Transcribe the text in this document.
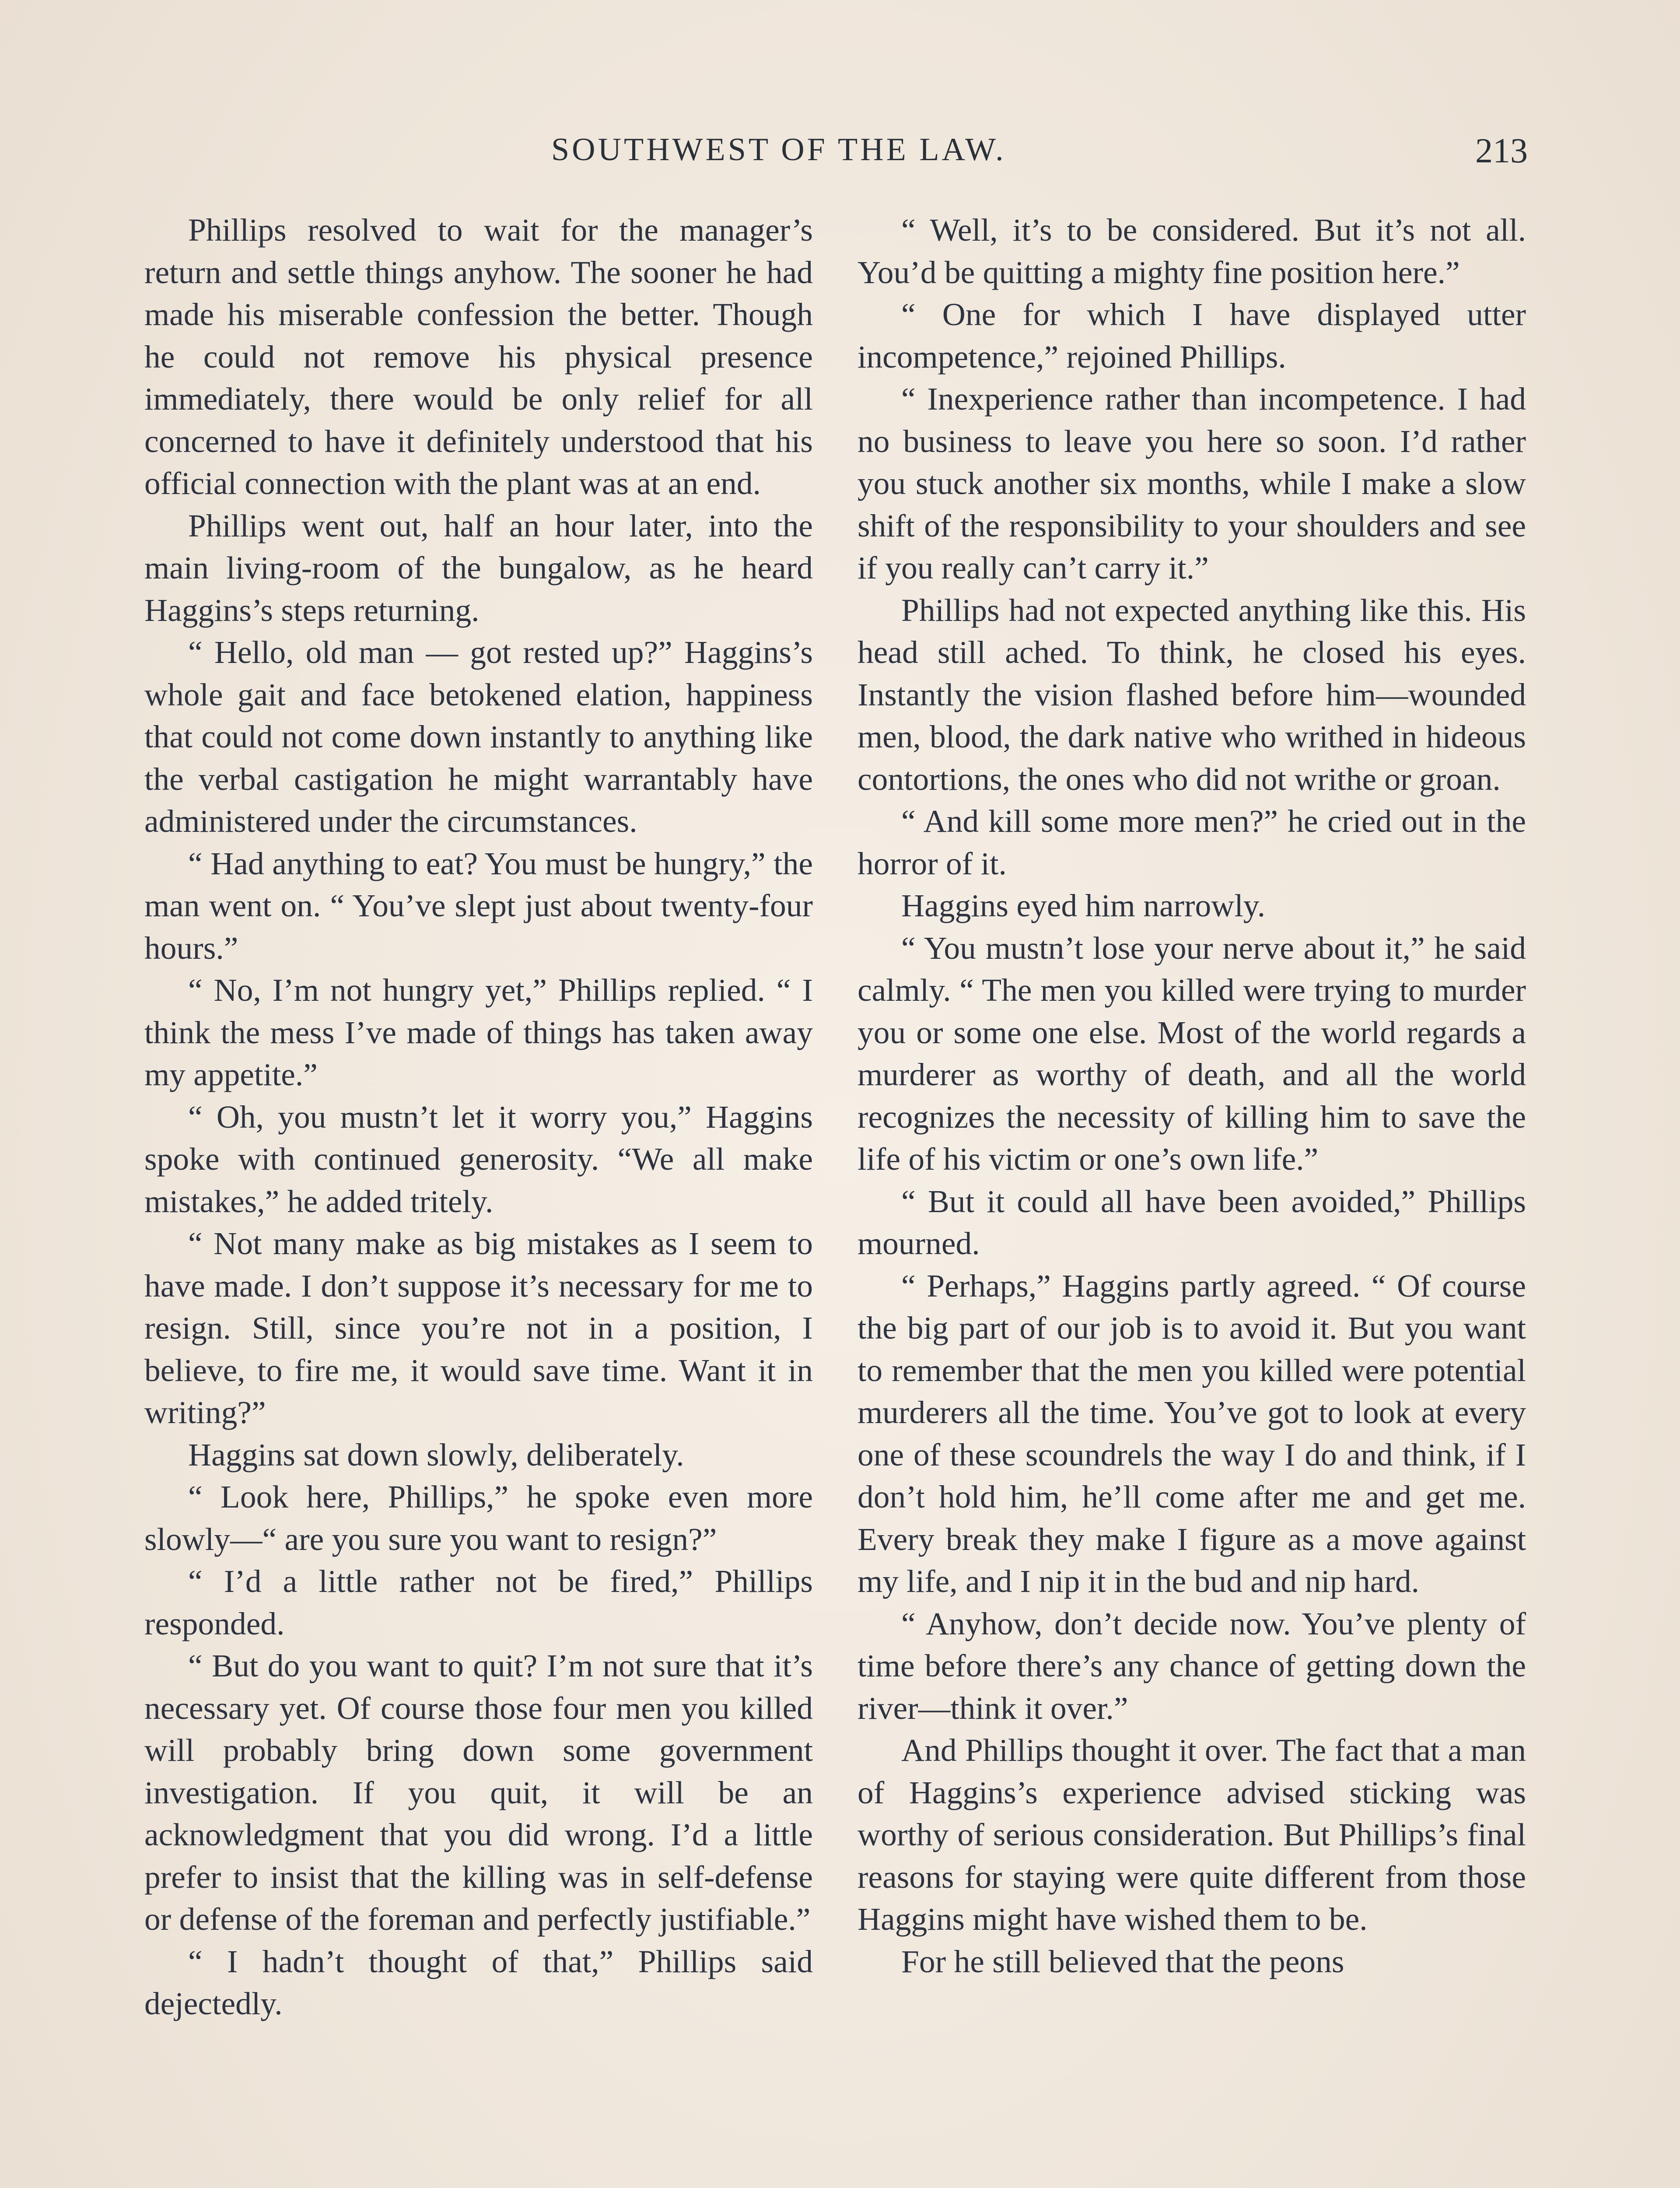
SOUTHWEST OF THE LAW.	213

Phillips resolved to wait for the manager’s return and settle things anyhow. The sooner he had made his miserable confession the better. Though he could not remove his physical presence immediately, there would be only relief for all concerned to have it definitely understood that his official connection with the plant was at an end.

Phillips went out, half an hour later, into the main living-room of the bungalow, as he heard Haggins’s steps returning.

“ Hello, old man — got rested up?” Haggins’s whole gait and face betokened elation, happiness that could not come down instantly to anything like the verbal castigation he might warrantably have administered under the circumstances.

“ Had anything to eat? You must be hungry,” the man went on. “ You’ve slept just about twenty-four hours.”

“ No, I’m not hungry yet,” Phillips replied. “ I think the mess I’ve made of things has taken away my appetite.”

“ Oh, you mustn’t let it worry you,” Haggins spoke with continued generosity. “We all make mistakes,” he added tritely.

“ Not many make as big mistakes as I seem to have made. I don’t suppose it’s necessary for me to resign. Still, since you’re not in a position, I believe, to fire me, it would save time. Want it in writing?”

Haggins sat down slowly, deliberately.

“ Look here, Phillips,” he spoke even more slowly—“ are you sure you want to resign?”

“ I’d a little rather not be fired,” Phillips responded.

“ But do you want to quit? I’m not sure that it’s necessary yet. Of course those four men you killed will probably bring down some government investigation. If you quit, it will be an acknowledgment that you did wrong. I’d a little prefer to insist that the killing was in self-defense or defense of the foreman and perfectly justifiable.”

“ I hadn’t thought of that,” Phillips said dejectedly.

“ Well, it’s to be considered. But it’s not all. You’d be quitting a mighty fine position here.”

“ One for which I have displayed utter incompetence,” rejoined Phillips.

“ Inexperience rather than incompetence. I had no business to leave you here so soon. I’d rather you stuck another six months, while I make a slow shift of the responsibility to your shoulders and see if you really can’t carry it.”

Phillips had not expected anything like this. His head still ached. To think, he closed his eyes. Instantly the vision flashed before him—wounded men, blood, the dark native who writhed in hideous contortions, the ones who did not writhe or groan.

“ And kill some more men?” he cried out in the horror of it.

Haggins eyed him narrowly.

“ You mustn’t lose your nerve about it,” he said calmly. “ The men you killed were trying to murder you or some one else. Most of the world regards a murderer as worthy of death, and all the world recognizes the necessity of killing him to save the life of his victim or one’s own life.”

“ But it could all have been avoided,” Phillips mourned.

“ Perhaps,” Haggins partly agreed. “ Of course the big part of our job is to avoid it. But you want to remember that the men you killed were potential murderers all the time. You’ve got to look at every one of these scoundrels the way I do and think, if I don’t hold him, he’ll come after me and get me. Every break they make I figure as a move against my life, and I nip it in the bud and nip hard.

“ Anyhow, don’t decide now. You’ve plenty of time before there’s any chance of getting down the river—think it over.”

And Phillips thought it over. The fact that a man of Haggins’s experience advised sticking was worthy of serious consideration. But Phillips’s final reasons for staying were quite different from those Haggins might have wished them to be.

For he still believed that the peons
